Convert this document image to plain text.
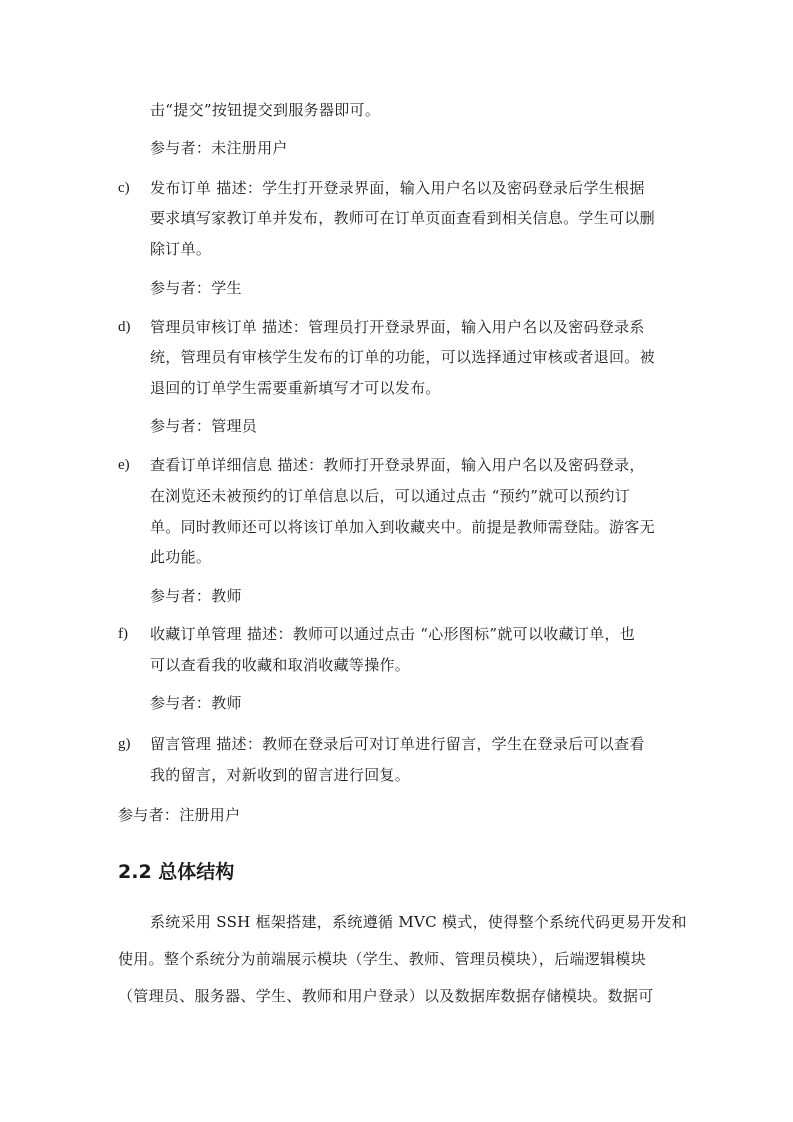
击“提交”按钮提交到服务器即可。
参与者：未注册用户
c) 发布订单 描述：学生打开登录界面，输入用户名以及密码登录后学生根据
要求填写家教订单并发布，教师可在订单页面查看到相关信息。学生可以删
除订单。
参与者：学生
d) 管理员审核订单 描述：管理员打开登录界面，输入用户名以及密码登录系
统，管理员有审核学生发布的订单的功能，可以选择通过审核或者退回。被
退回的订单学生需要重新填写才可以发布。
参与者：管理员
e) 查看订单详细信息 描述：教师打开登录界面，输入用户名以及密码登录，
在浏览还未被预约的订单信息以后，可以通过点击 “预约”就可以预约订
单。同时教师还可以将该订单加入到收藏夹中。前提是教师需登陆。游客无
此功能。
参与者：教师
f) 收藏订单管理 描述：教师可以通过点击 “心形图标”就可以收藏订单，也
可以查看我的收藏和取消收藏等操作。
参与者：教师
g) 留言管理 描述：教师在登录后可对订单进行留言，学生在登录后可以查看
我的留言，对新收到的留言进行回复。
参与者：注册用户
2.2 总体结构
系统采用 SSH 框架搭建，系统遵循 MVC 模式，使得整个系统代码更易开发和
使用。整个系统分为前端展示模块（学生、教师、管理员模块），后端逻辑模块
（管理员、服务器、学生、教师和用户登录）以及数据库数据存储模块。数据可
